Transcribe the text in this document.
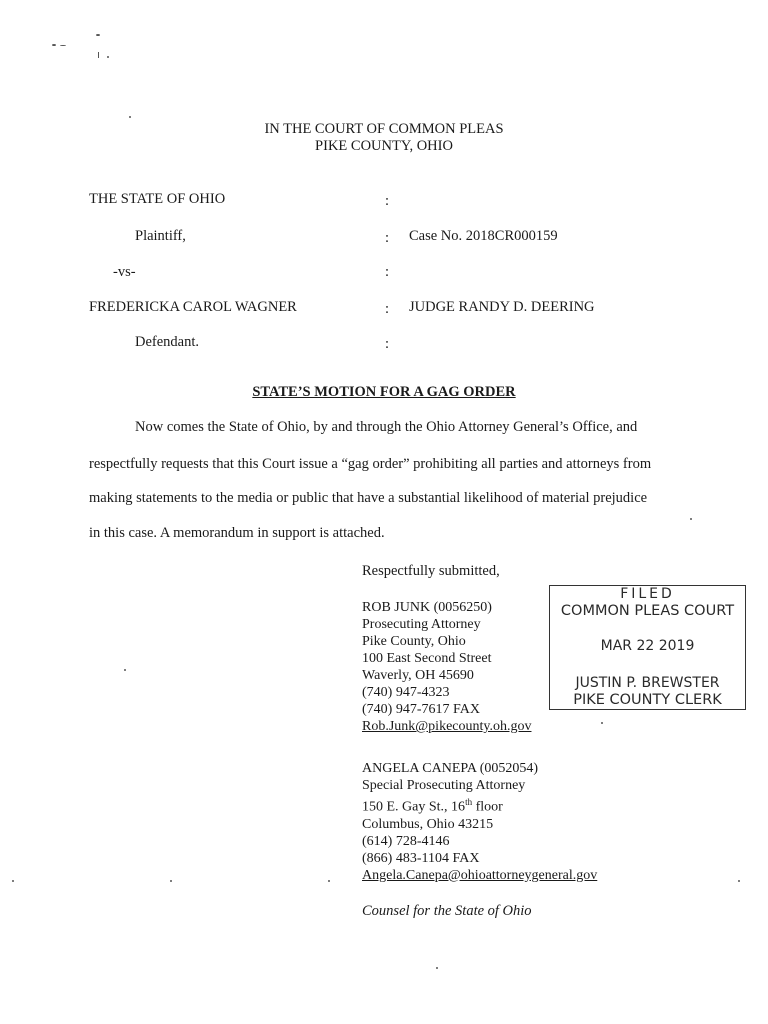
IN THE COURT OF COMMON PLEAS
PIKE COUNTY, OHIO
THE STATE OF OHIO	:
Plaintiff,	: Case No. 2018CR000159
-vs-	:
FREDERICKA CAROL WAGNER	: JUDGE RANDY D. DEERING
Defendant.	:
STATE’S MOTION FOR A GAG ORDER
Now comes the State of Ohio, by and through the Ohio Attorney General’s Office, and
respectfully requests that this Court issue a “gag order” prohibiting all parties and attorneys from
making statements to the media or public that have a substantial likelihood of material prejudice
in this case. A memorandum in support is attached.
Respectfully submitted,
ROB JUNK (0056250)
Prosecuting Attorney
Pike County, Ohio
100 East Second Street
Waverly, OH 45690
(740) 947-4323
(740) 947-7617 FAX
Rob.Junk@pikecounty.oh.gov
ANGELA CANEPA (0052054)
Special Prosecuting Attorney
150 E. Gay St., 16th floor
Columbus, Ohio 43215
(614) 728-4146
(866) 483-1104 FAX
Angela.Canepa@ohioattorneygeneral.gov
Counsel for the State of Ohio
FILED
COMMON PLEAS COURT
MAR 22 2019
JUSTIN P. BREWSTER
PIKE COUNTY CLERK
